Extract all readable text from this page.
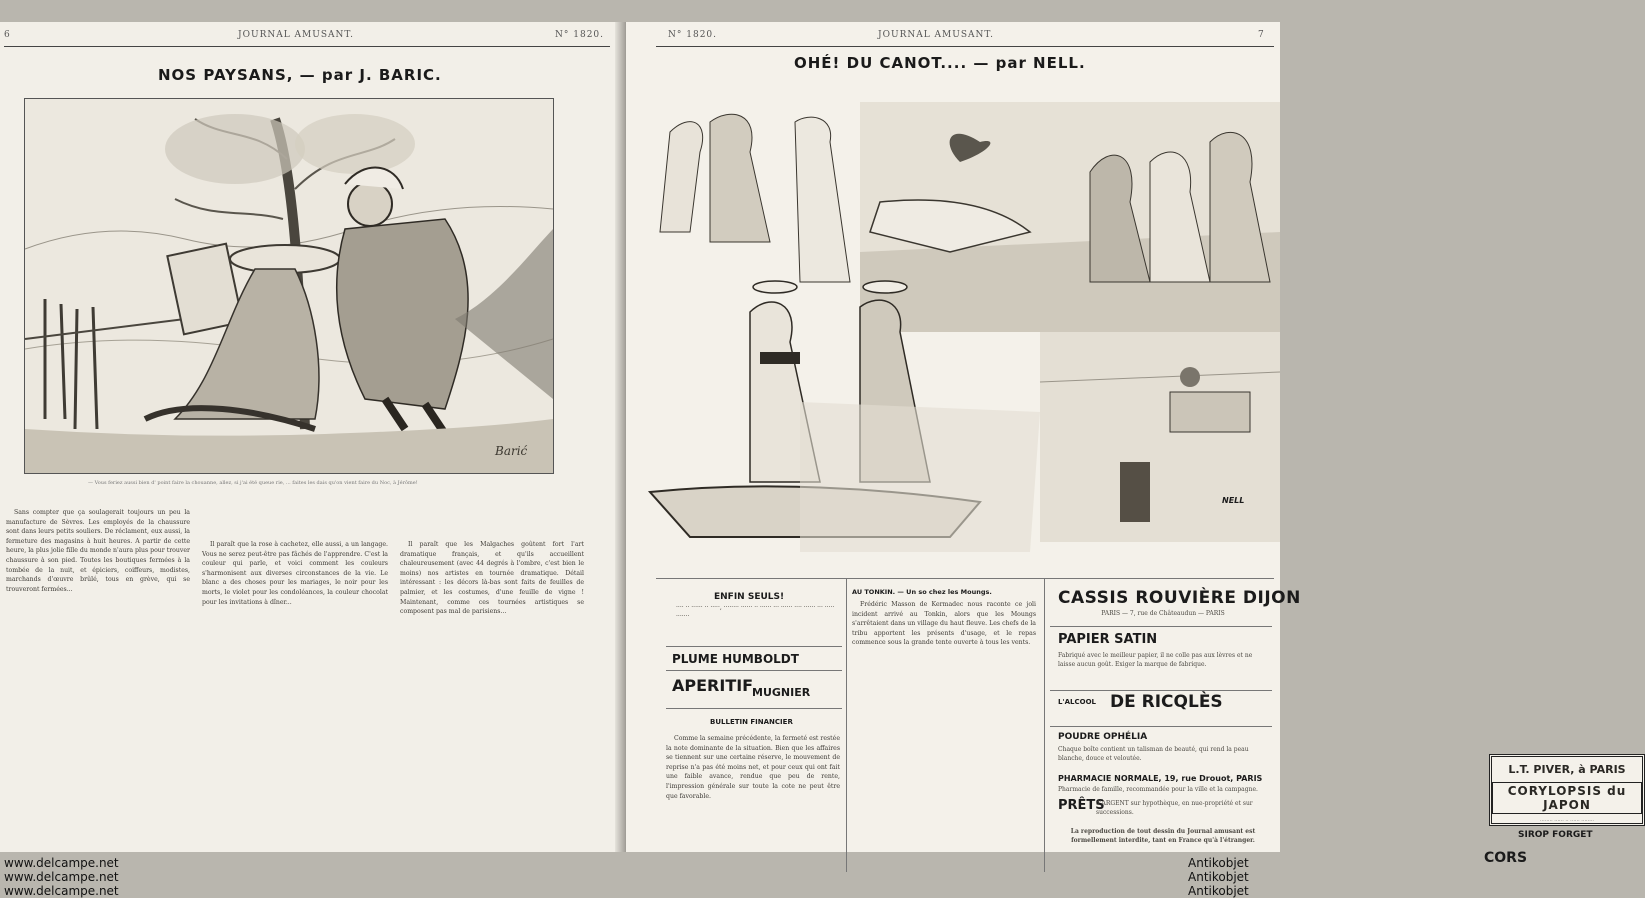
6	JOURNAL AMUSANT.	N° 1820.
NOS PAYSANS, — par J. BARIC.
Barić
— Vous feriez aussi bien d' point faire la chouanne, allez, si j'ai été queue rie, ... faites les dais qu'on vient faire du Noc, à Jérôme!

Sans compter que ça soulagerait toujours un peu la manufacture de Sèvres. Les employés de la chaussure sont dans leurs petits souliers. De réclament, eux aussi, la fermeture des magasins à huit heures. A partir de cette heure, la plus jolie fille du monde n'aura plus pour trouver chaussure à son pied. Toutes les boutiques fermées à la tombée de la nuit, et épiciers, coiffeurs, modistes, marchands d'œuvre brûlé, tous en grève, qui se trouveront fermées...

Il paraît que la rose à cachetez, elle aussi, a un langage. Vous ne serez peut-être pas fâchés de l'apprendre. C'est la couleur qui parle, et voici comment les couleurs s'harmonisent aux diverses circonstances de la vie. Le blanc a des choses pour les mariages, le noir pour les morts, le violet pour les condoléances, la couleur chocolat pour les invitations à dîner...

Il paraît que les Malgaches goûtent fort l'art dramatique français, et qu'ils accueillent chaleureusement (avec 44 degrés à l'ombre, c'est bien le moins) nos artistes en tournée dramatique. Détail intéressant : les décors là-bas sont faits de feuilles de palmier, et les costumes, d'une feuille de vigne ! Maintenant, comme ces tournées artistiques se composent pas mal de parisiens...

N° 1820.	JOURNAL AMUSANT.	7
OHÉ! DU CANOT.... — par NELL.
NELL
ENFIN SEULS!
···· ·· ······ ·· ·····, ········ ······ ·· ······ ··· ······ ···· ······ ··· ····· ·······
PLUME HUMBOLDT
APERITIF
MUGNIER
BULLETIN FINANCIER

Comme la semaine précédente, la fermeté est restée la note dominante de la situation. Bien que les affaires se tiennent sur une certaine réserve, le mouvement de reprise n'a pas été moins net, et pour ceux qui ont fait une faible avance, rendue que peu de rente, l'impression générale sur toute la cote ne peut être que favorable.

AU TONKIN. — Un so chez les Moungs.

Frédéric Masson de Kermadec nous raconte ce joli incident arrivé au Tonkin, alors que les Moungs s'arrêtaient dans un village du haut fleuve. Les chefs de la tribu apportent les présents d'usage, et le repas commence sous la grande tente ouverte à tous les vents.

L.T. PIVER, à PARIS
CORYLOPSIS du JAPON
········ ······ ·· ······ ········
SIROP FORGET
CORS
CASSIS ROUVIÈRE DIJON
PARIS — 7, rue de Châteaudun — PARIS
PAPIER SATIN
Fabriqué avec le meilleur papier, il ne colle pas aux lèvres et ne laisse aucun goût. Exiger la marque de fabrique.
L'ALCOOL DE RICQLÈS
POUDRE OPHÉLIA
Chaque boîte contient un talisman de beauté, qui rend la peau blanche, douce et veloutée.
PHARMACIE NORMALE, 19, rue Drouot, PARIS
Pharmacie de famille, recommandée pour la ville et la campagne.
PRÊTS
d'ARGENT sur hypothèque, en nue-propriété et sur successions.
La reproduction de tout dessin du Journal amusant est formellement interdite, tant en France qu'à l'étranger.
www.delcampe.net
www.delcampe.net
www.delcampe.net
Antikobjet
Antikobjet
Antikobjet
